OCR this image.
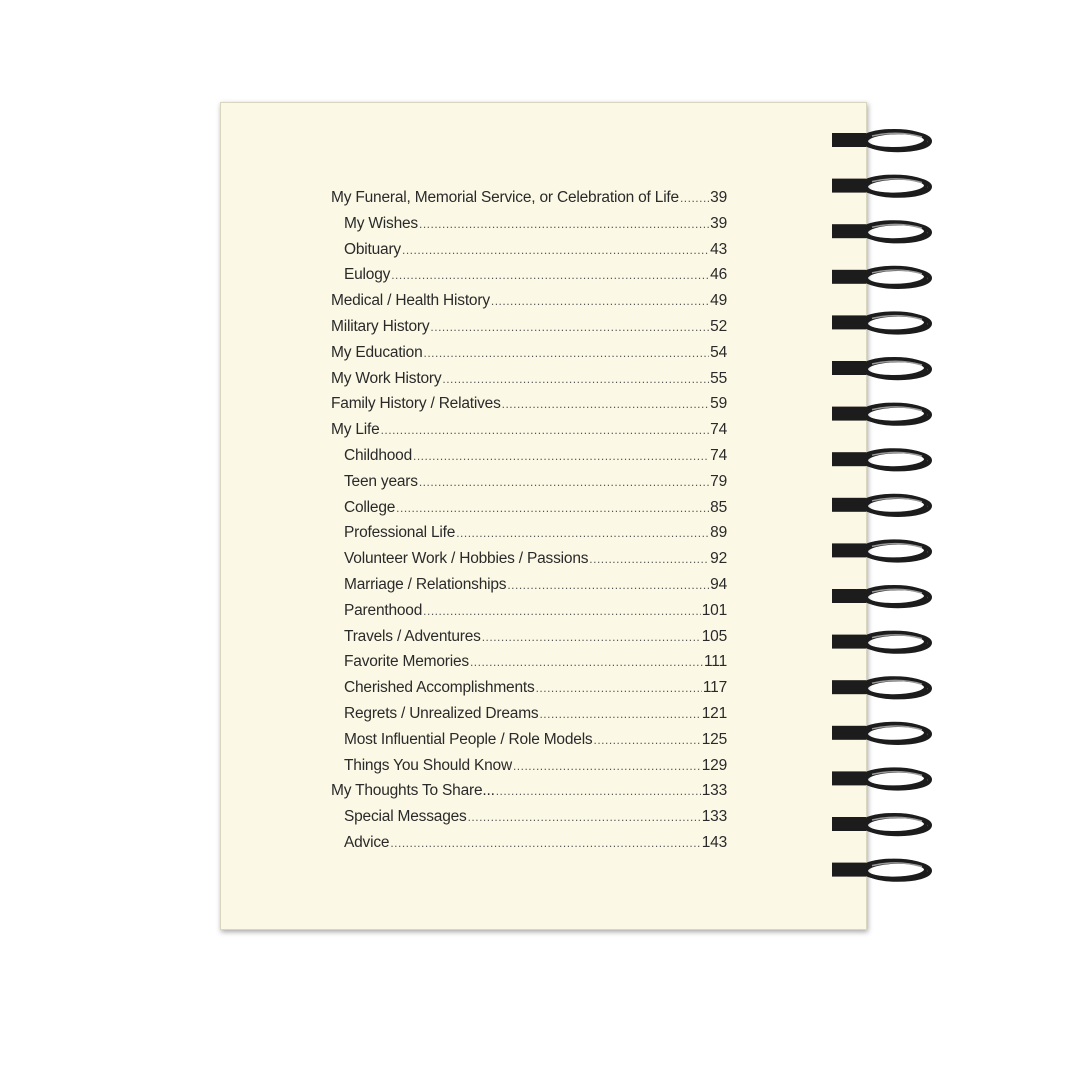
My Funeral, Memorial Service, or Celebration of Life ..... 39
My Wishes .....	39
Obituary .....	43
Eulogy .....	46
Medical / Health History .....	49
Military History .....	52
My Education .....	54
My Work History .....	55
Family History / Relatives .....	59
My Life .....	74
Childhood .....	74
Teen years .....	79
College .....	85
Professional Life .....	89
Volunteer Work / Hobbies / Passions .....	92
Marriage / Relationships .....	94
Parenthood .....	101
Travels / Adventures .....	105
Favorite Memories .....	111
Cherished Accomplishments .....	117
Regrets / Unrealized Dreams .....	121
Most Influential People / Role Models .....	125
Things You Should Know .....	129
My Thoughts To Share... .....	133
Special Messages .....	133
Advice .....	143
